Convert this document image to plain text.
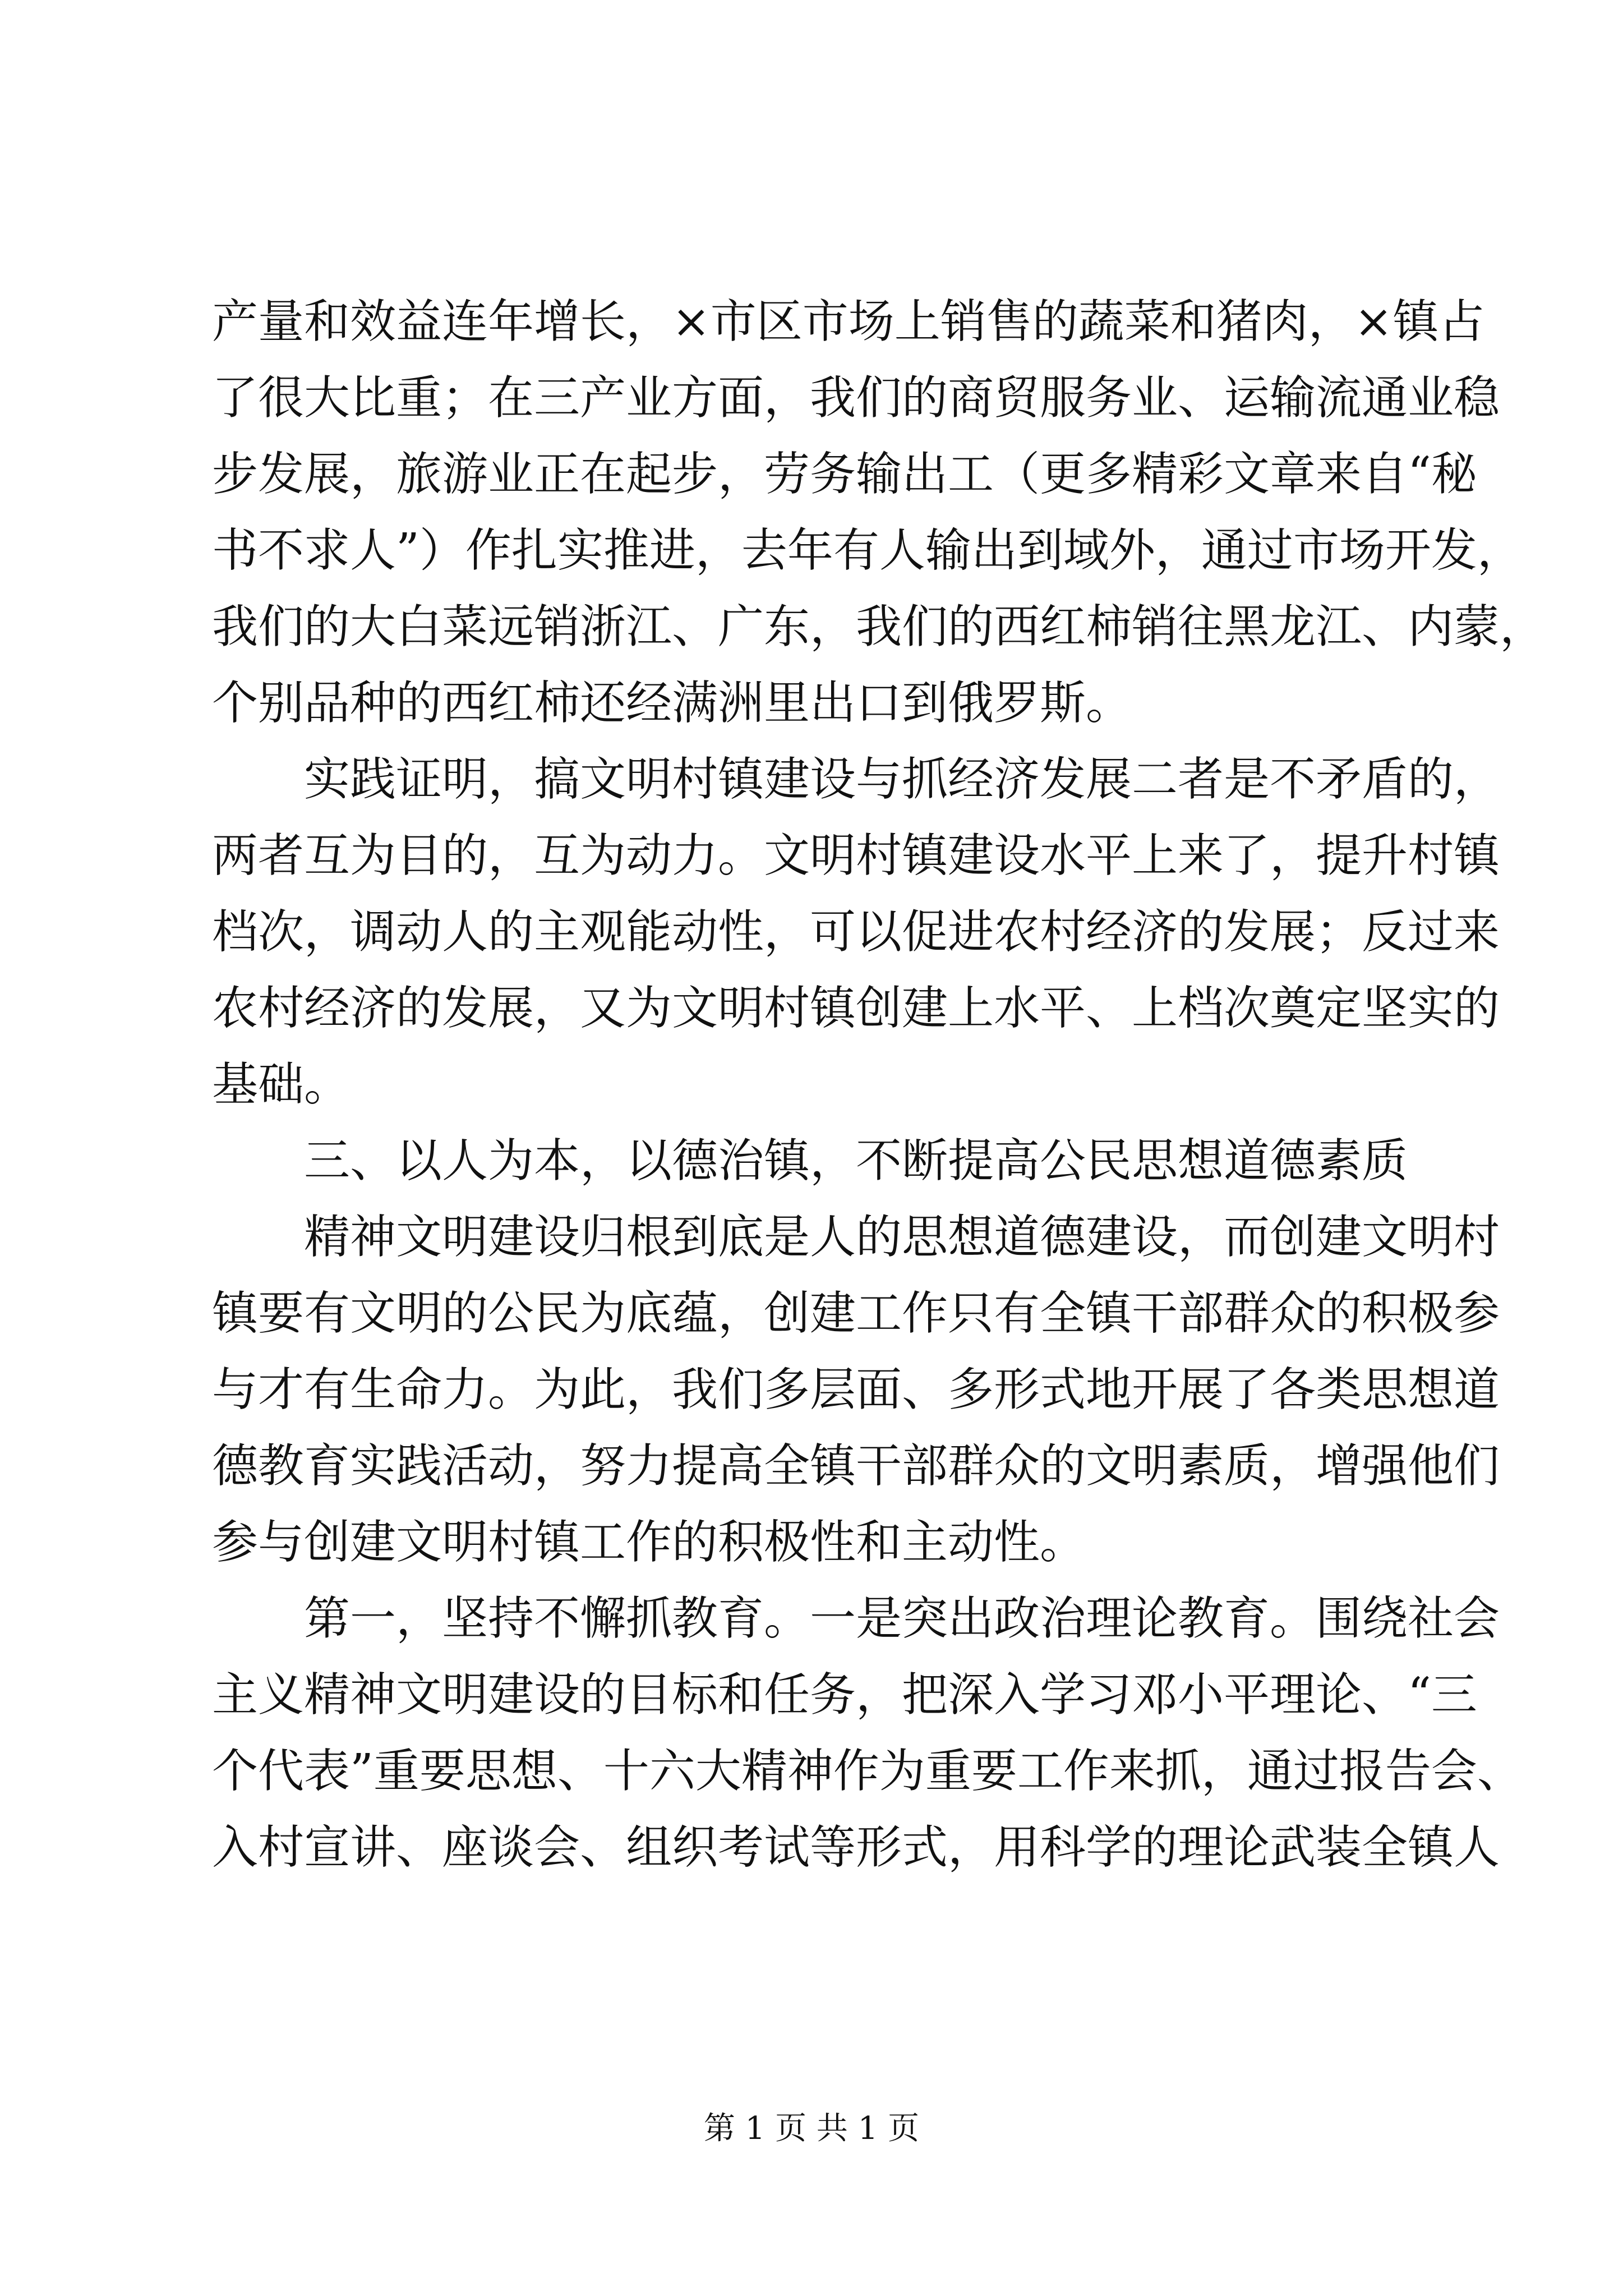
产量和效益连年增长，×市区市场上销售的蔬菜和猪肉，×镇占
了很大比重；在三产业方面，我们的商贸服务业、运输流通业稳
步发展，旅游业正在起步，劳务输出工（更多精彩文章来自“秘
书不求人”）作扎实推进，去年有人输出到域外，通过市场开发，
我们的大白菜远销浙江、广东，我们的西红柿销往黑龙江、内蒙，
个别品种的西红柿还经满洲里出口到俄罗斯。
实践证明，搞文明村镇建设与抓经济发展二者是不矛盾的，
两者互为目的，互为动力。文明村镇建设水平上来了，提升村镇
档次，调动人的主观能动性，可以促进农村经济的发展；反过来
农村经济的发展，又为文明村镇创建上水平、上档次奠定坚实的
基础。
三、以人为本，以德治镇，不断提高公民思想道德素质
精神文明建设归根到底是人的思想道德建设，而创建文明村
镇要有文明的公民为底蕴，创建工作只有全镇干部群众的积极参
与才有生命力。为此，我们多层面、多形式地开展了各类思想道
德教育实践活动，努力提高全镇干部群众的文明素质，增强他们
参与创建文明村镇工作的积极性和主动性。
第一，坚持不懈抓教育。一是突出政治理论教育。围绕社会
主义精神文明建设的目标和任务，把深入学习邓小平理论、“三
个代表”重要思想、十六大精神作为重要工作来抓，通过报告会、
入村宣讲、座谈会、组织考试等形式，用科学的理论武装全镇人
第 1 页 共 1 页
